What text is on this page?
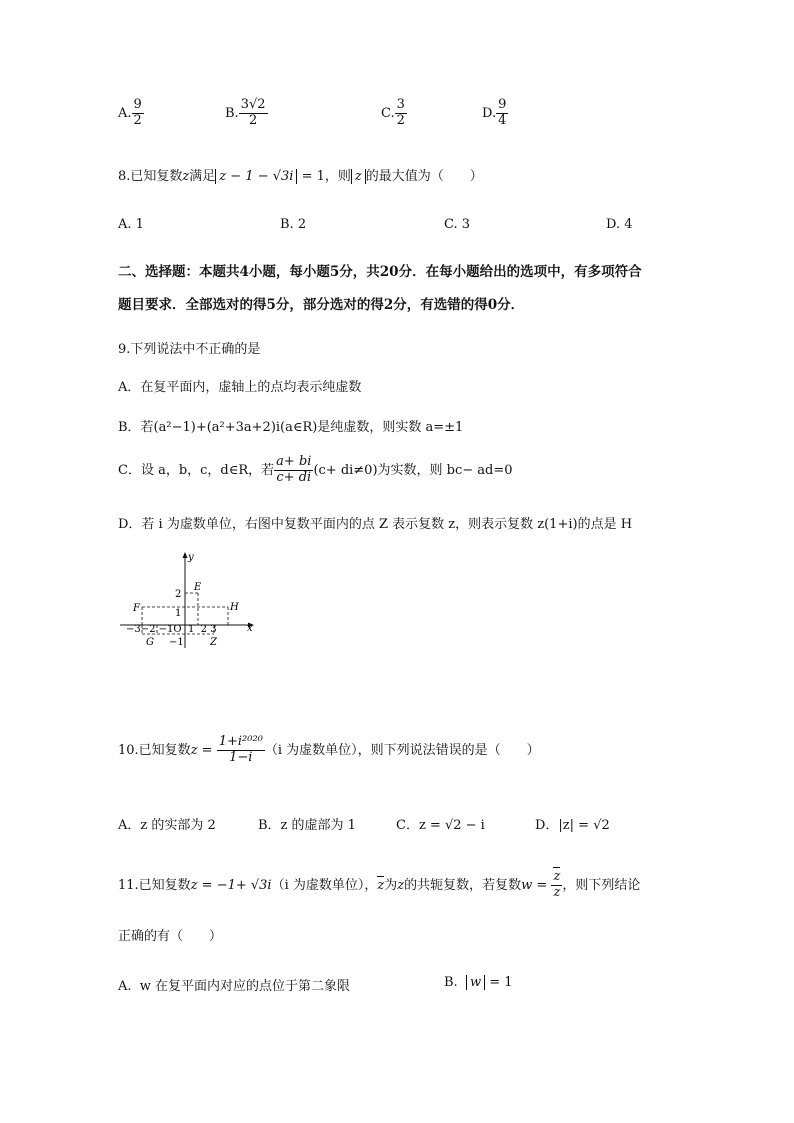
A. $\frac{9}{2}$	B. $\frac{3√2}{2}$	C. $\frac{3}{2}$	D. $\frac{9}{4}$
8.已知复数z满足 z − 1 − √3i = 1，则 z 的最大值为（　　）
A. 1	B. 2	C. 3	D. 4
二、选择题：本题共4小题，每小题5分，共20分．在每小题给出的选项中，有多项符合
题目要求．全部选对的得5分，部分选对的得2分，有选错的得0分．
9.下列说法中不正确的是
A．在复平面内，虚轴上的点均表示纯虚数
B．若(a²−1)+(a²+3a+2)i(a∈R)是纯虚数，则实数 a=±1
C．设 a，b，c，d∈R，若 $\frac{a+ bi}{c+ di} (c+ di\ne 0)$为实数，则 bc− ad=0
D．若 i 为虚数单位，右图中复数平面内的点 Z 表示复数 z，则表示复数 z(1+i)的点是 H
y
x
E
F	H
G	Z
2
1
−1
−3−2 −1O  1  2 3
10.已知复数$z = \frac{\text{1+i²⁰²⁰}}{1-i} (i$ 为虚数单位），则下列说法错误的是（　　）
A．z 的实部为 2	B．z 的虚部为 1	C．z = √2 − i	D．|z| = √2
11.已知复数z = −1+ √3i（i 为虚数单位），z为z的共轭复数，若复数$w = \frac{z}{z}$ ，则下列结论
正确的有（　　）
A. w 在复平面内对应的点位于第二象限	B. w = 1
